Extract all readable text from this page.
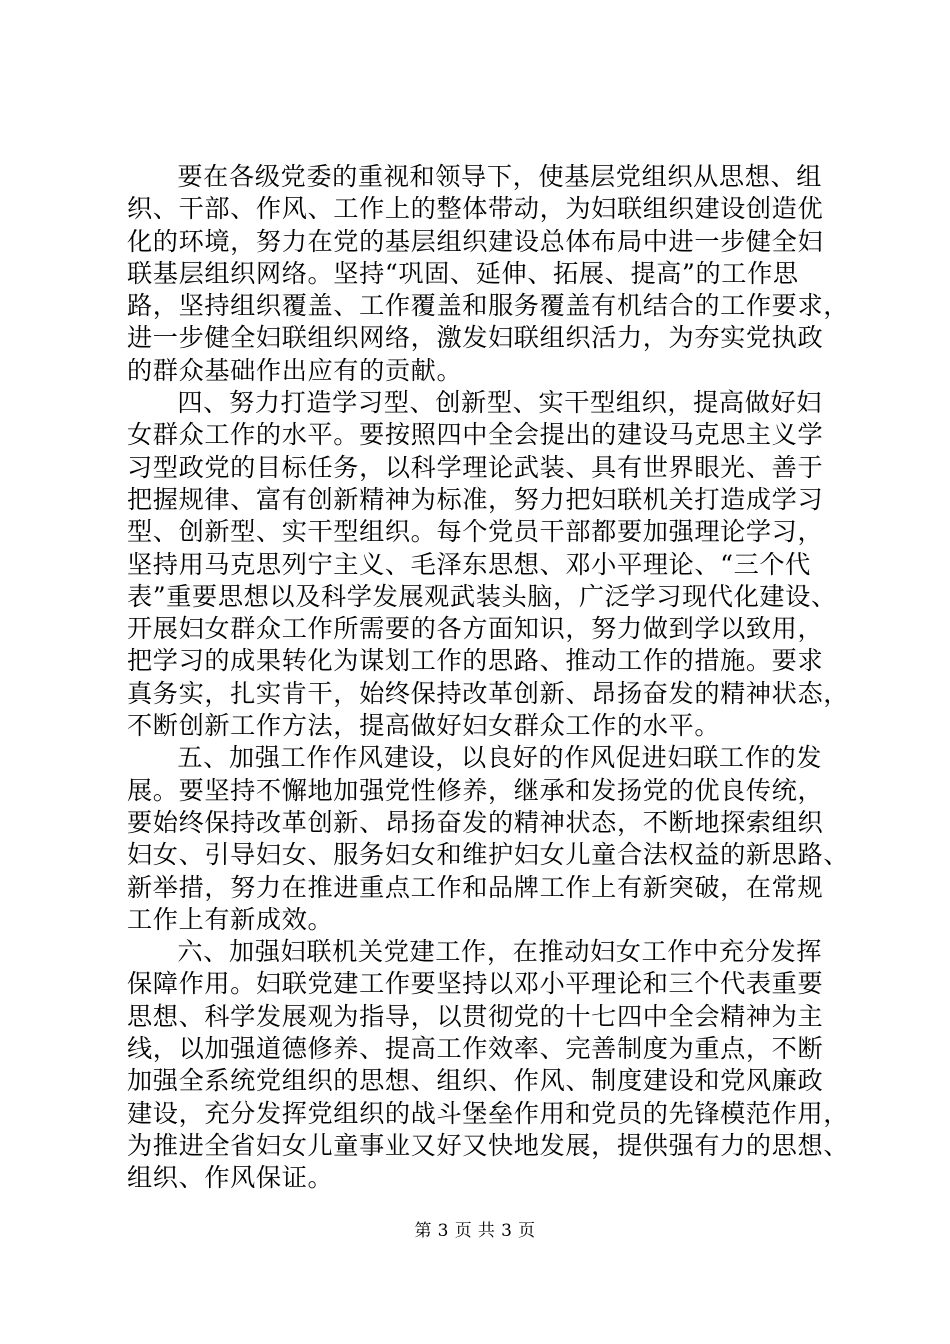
要在各级党委的重视和领导下，使基层党组织从思想、组
织、干部、作风、工作上的整体带动，为妇联组织建设创造优
化的环境，努力在党的基层组织建设总体布局中进一步健全妇
联基层组织网络。坚持“巩固、延伸、拓展、提高”的工作思
路，坚持组织覆盖、工作覆盖和服务覆盖有机结合的工作要求，
进一步健全妇联组织网络，激发妇联组织活力，为夯实党执政
的群众基础作出应有的贡献。

四、努力打造学习型、创新型、实干型组织，提高做好妇
女群众工作的水平。要按照四中全会提出的建设马克思主义学
习型政党的目标任务，以科学理论武装、具有世界眼光、善于
把握规律、富有创新精神为标准，努力把妇联机关打造成学习
型、创新型、实干型组织。每个党员干部都要加强理论学习，
坚持用马克思列宁主义、毛泽东思想、邓小平理论、“三个代
表”重要思想以及科学发展观武装头脑，广泛学习现代化建设、
开展妇女群众工作所需要的各方面知识，努力做到学以致用，
把学习的成果转化为谋划工作的思路、推动工作的措施。要求
真务实，扎实肯干，始终保持改革创新、昂扬奋发的精神状态，
不断创新工作方法，提高做好妇女群众工作的水平。

五、加强工作作风建设，以良好的作风促进妇联工作的发
展。要坚持不懈地加强党性修养，继承和发扬党的优良传统，
要始终保持改革创新、昂扬奋发的精神状态，不断地探索组织
妇女、引导妇女、服务妇女和维护妇女儿童合法权益的新思路、
新举措，努力在推进重点工作和品牌工作上有新突破，在常规
工作上有新成效。

六、加强妇联机关党建工作，在推动妇女工作中充分发挥
保障作用。妇联党建工作要坚持以邓小平理论和三个代表重要
思想、科学发展观为指导，以贯彻党的十七四中全会精神为主
线，以加强道德修养、提高工作效率、完善制度为重点，不断
加强全系统党组织的思想、组织、作风、制度建设和党风廉政
建设，充分发挥党组织的战斗堡垒作用和党员的先锋模范作用，
为推进全省妇女儿童事业又好又快地发展，提供强有力的思想、
组织、作风保证。

第 3 页 共 3 页
